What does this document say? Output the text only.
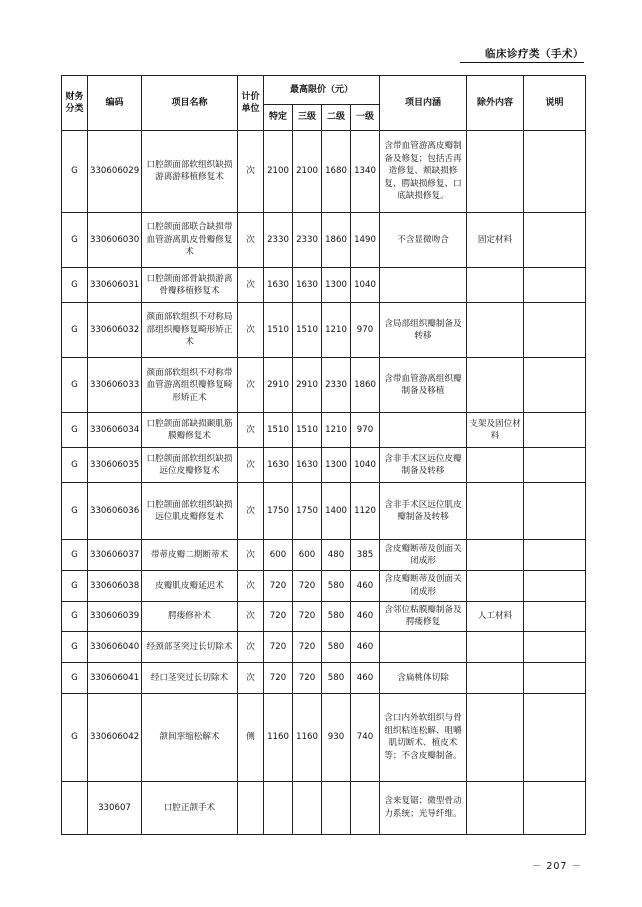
临床诊疗类（手术）
财务分类	编码	项目名称	计价单位	最高限价（元）				项目内涵	除外内容	说明
				特定	三级	二级	一级			
G	330606029	口腔颌面部软组织缺损游离游移植修复术	次	2100	2100	1680	1340	含带血管游离皮瓣制备及修复；包括舌再造修复、颊缺损修复、腭缺损修复、口底缺损修复。		
G	330606030	口腔颌面部联合缺损带血管游离肌皮骨瓣修复术	次	2330	2330	1860	1490	不含显微吻合	固定材料	
G	330606031	口腔颌面部骨缺损游离骨瓣移植修复术	次	1630	1630	1300	1040			
G	330606032	颜面部软组织不对称局部组织瓣修复畸形矫正术	次	1510	1510	1210	970	含局部组织瓣制备及转移		
G	330606033	颜面部软组织不对称带血管游离组织瓣修复畸形矫正术	次	2910	2910	2330	1860	含带血管游离组织瓣制备及移植		
G	330606034	口腔颌面部缺损颞肌筋膜瓣修复术	次	1510	1510	1210	970		支架及固位材料	
G	330606035	口腔颌面部软组织缺损远位皮瓣修复术	次	1630	1630	1300	1040	含非手术区远位皮瓣制备及转移		
G	330606036	口腔颌面部软组织缺损远位肌皮瓣修复术	次	1750	1750	1400	1120	含非手术区远位肌皮瓣制备及转移		
G	330606037	带蒂皮瓣二期断蒂术	次	600	600	480	385	含皮瓣断蒂及创面关闭成形		
G	330606038	皮瓣肌皮瓣延迟术	次	720	720	580	460	含皮瓣断蒂及创面关闭成形		
G	330606039	腭瘘修补术	次	720	720	580	460	含邻位粘膜瓣制备及腭瘘修复	人工材料	
G	330606040	经颈部茎突过长切除术	次	720	720	580	460			
G	330606041	经口茎突过长切除术	次	720	720	580	460	含扁桃体切除		
G	330606042	颌间挛缩松解术	侧	1160	1160	930	740	含口内外软组织与骨组织粘连松解、咀嚼肌切断术、植皮术等；不含皮瓣制备。		
	330607	口腔正颌手术						含来复锯；微型骨动力系统；光导纤维。		
－ 207 －
